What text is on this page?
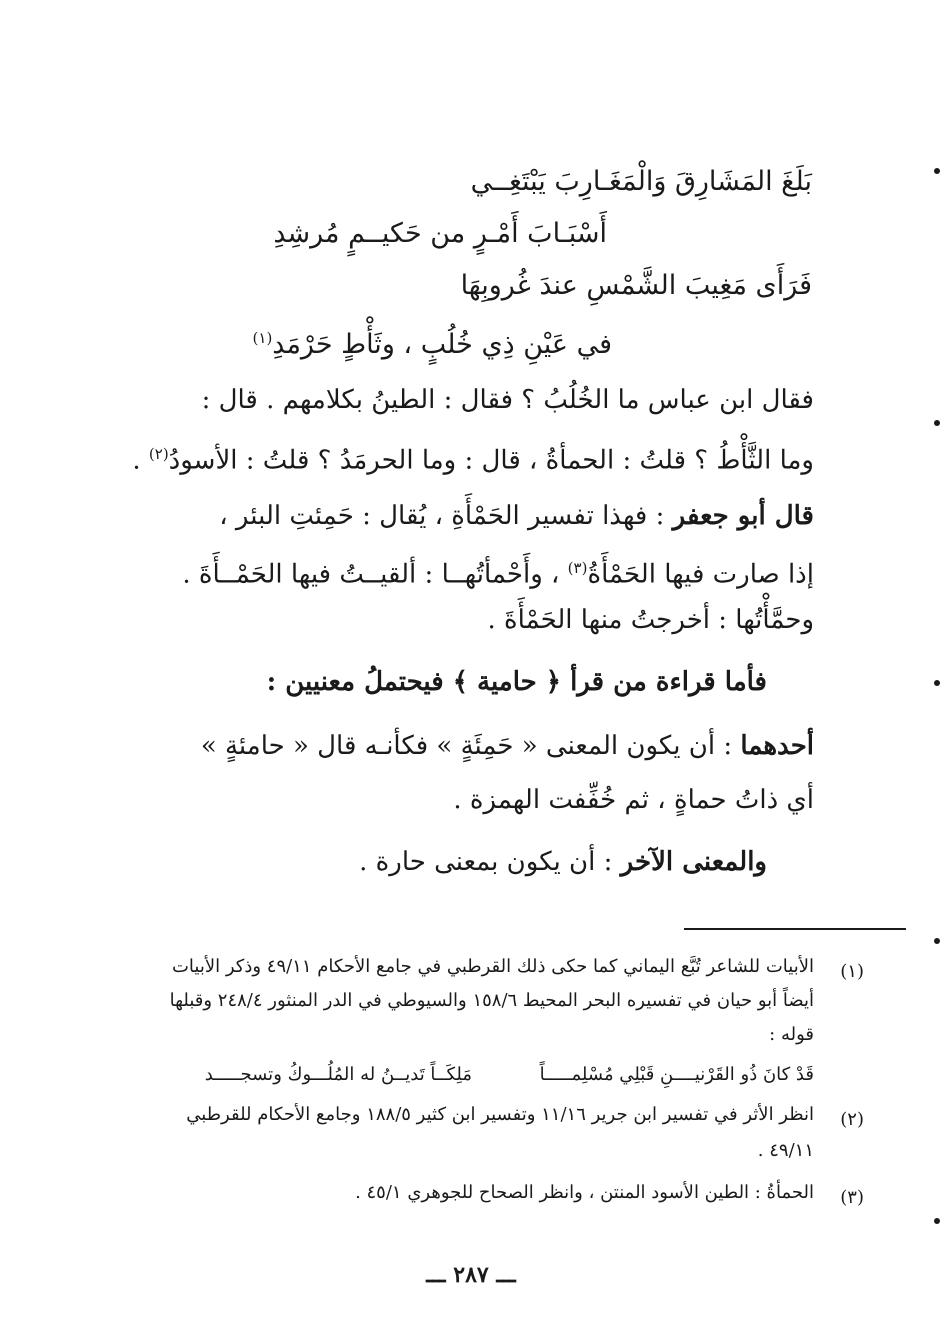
بَلَغَ المَشَارِقَ وَالْمَغَـارِبَ يَبْتَغِــي
أَسْبَـابَ أَمْـرٍ من حَكيــمٍ مُرشِدِ
فَرَأَى مَغِيبَ الشَّمْسِ عندَ غُروبِهَا
في عَيْنِ ذِي خُلُبٍ ، وثَأْطٍ حَرْمَدِ$^{(١)}$
فقال ابن عباس ما الخُلُبُ ؟ فقال : الطينُ بكلامهم . قال :
وما الثَّأْطُ ؟ قلتُ : الحمأةُ ، قال : وما الحرمَدُ ؟ قلتُ : الأسودُ$^{(٢)}$ .
قال أبو جعفر : فهذا تفسير الحَمْأَةِ ، يُقال : حَمِئتِ البئر ،
إذا صارت فيها الحَمْأَةُ$^{(٣)}$ ، وأَحْمأتُهــا : ألقيــتُ فيها الحَمْــأَةَ .
وحمَّأْتُها : أخرجتُ منها الحَمْأَةَ .
فأما قراءة من قرأ ﴿ حامية ﴾ فيحتملُ معنيين :
أحدهما : أن يكون المعنى « حَمِئَةٍ » فكأنـه قال « حامئةٍ »
أي ذاتُ حماةٍ ، ثم خُفِّفت الهمزة .
والمعنى الآخر : أن يكون بمعنى حارة .
(١)
الأبيات للشاعر تُبَّع اليماني كما حكى ذلك القرطبي في جامع الأحكام ٤٩/١١ وذكر الأبيات
أيضاً أبو حيان في تفسيره البحر المحيط ١٥٨/٦ والسيوطي في الدر المنثور ٢٤٨/٤ وقبلها
قوله :
قَدْ كانَ ذُو القَرْنيــــنِ قَبْلِي مُسْلِمـــــاً
مَلِكَــاً تَديــنُ له المُلُـــوكُ وتسجـــــد
(٢)
انظر الأثر في تفسير ابن جرير ١١/١٦ وتفسير ابن كثير ١٨٨/٥ وجامع الأحكام للقرطبي
٤٩/١١ .
(٣)
الحمأةُ : الطين الأسود المنتن ، وانظر الصحاح للجوهري ٤٥/١ .
ـــ ٢٨٧ ـــ
